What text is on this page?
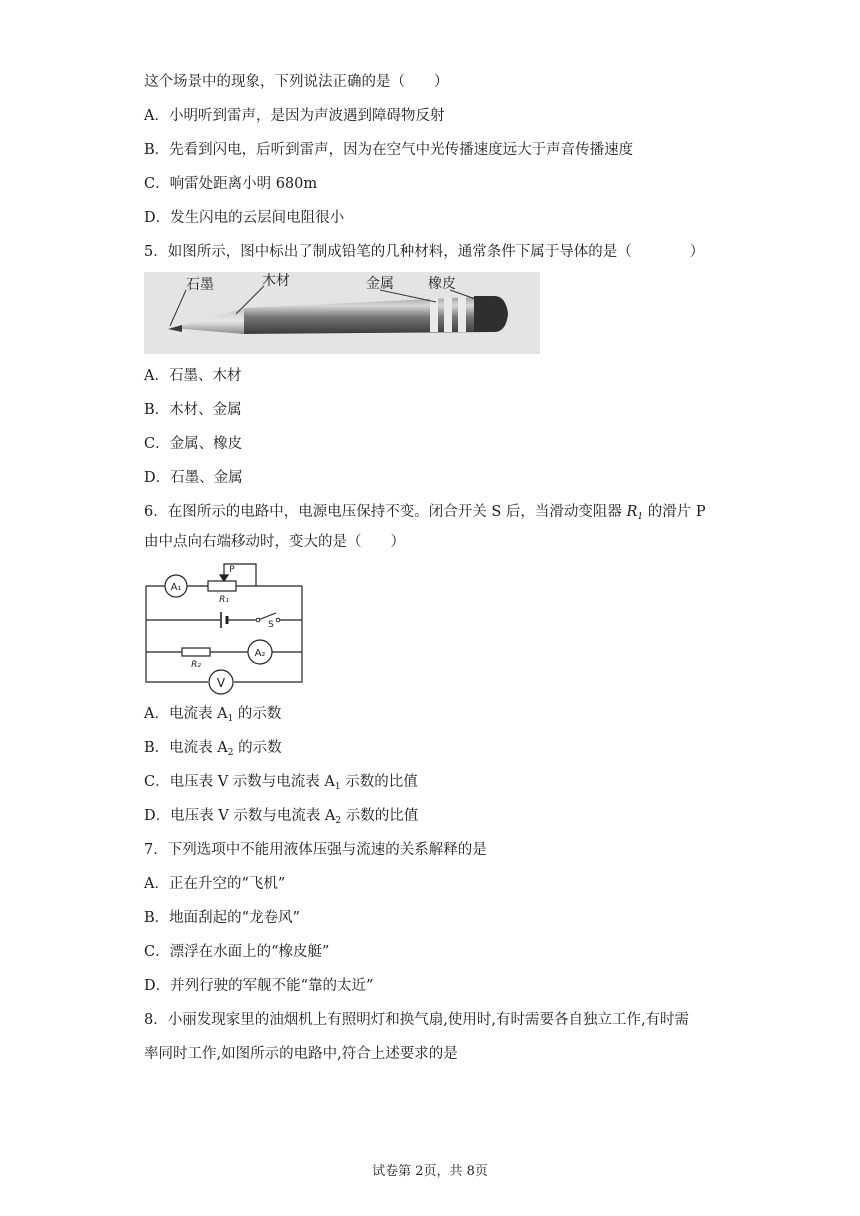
这个场景中的现象，下列说法正确的是（　　）
A．小明听到雷声，是因为声波遇到障碍物反射
B．先看到闪电，后听到雷声，因为在空气中光传播速度远大于声音传播速度
C．响雷处距离小明 680m
D．发生闪电的云层间电阻很小
5．如图所示，图中标出了制成铅笔的几种材料，通常条件下属于导体的是（　　　　）
石墨	木材	金属 橡皮
A．石墨、木材
B．木材、金属
C．金属、橡皮
D．石墨、金属
6．在图所示的电路中，电源电压保持不变。闭合开关 S 后，当滑动变阻器 $R_1$ 的滑片 P
由中点向右端移动时，变大的是（　　）
A₁
A₂
V
P
R₁
R₂
S
A．电流表 $A_1$ 的示数
B．电流表 $A_2$ 的示数
C．电压表 V 示数与电流表 $A_1$ 示数的比值
D．电压表 V 示数与电流表 $A_2$ 示数的比值
7．下列选项中不能用液体压强与流速的关系解释的是
A．正在升空的“飞机”
B．地面刮起的“龙卷风”
C．漂浮在水面上的“橡皮艇”
D．并列行驶的军舰不能“靠的太近”
8．小丽发现家里的油烟机上有照明灯和换气扇,使用时,有时需要各自独立工作,有时需
率同时工作,如图所示的电路中,符合上述要求的是
试卷第 2页，共 8页
